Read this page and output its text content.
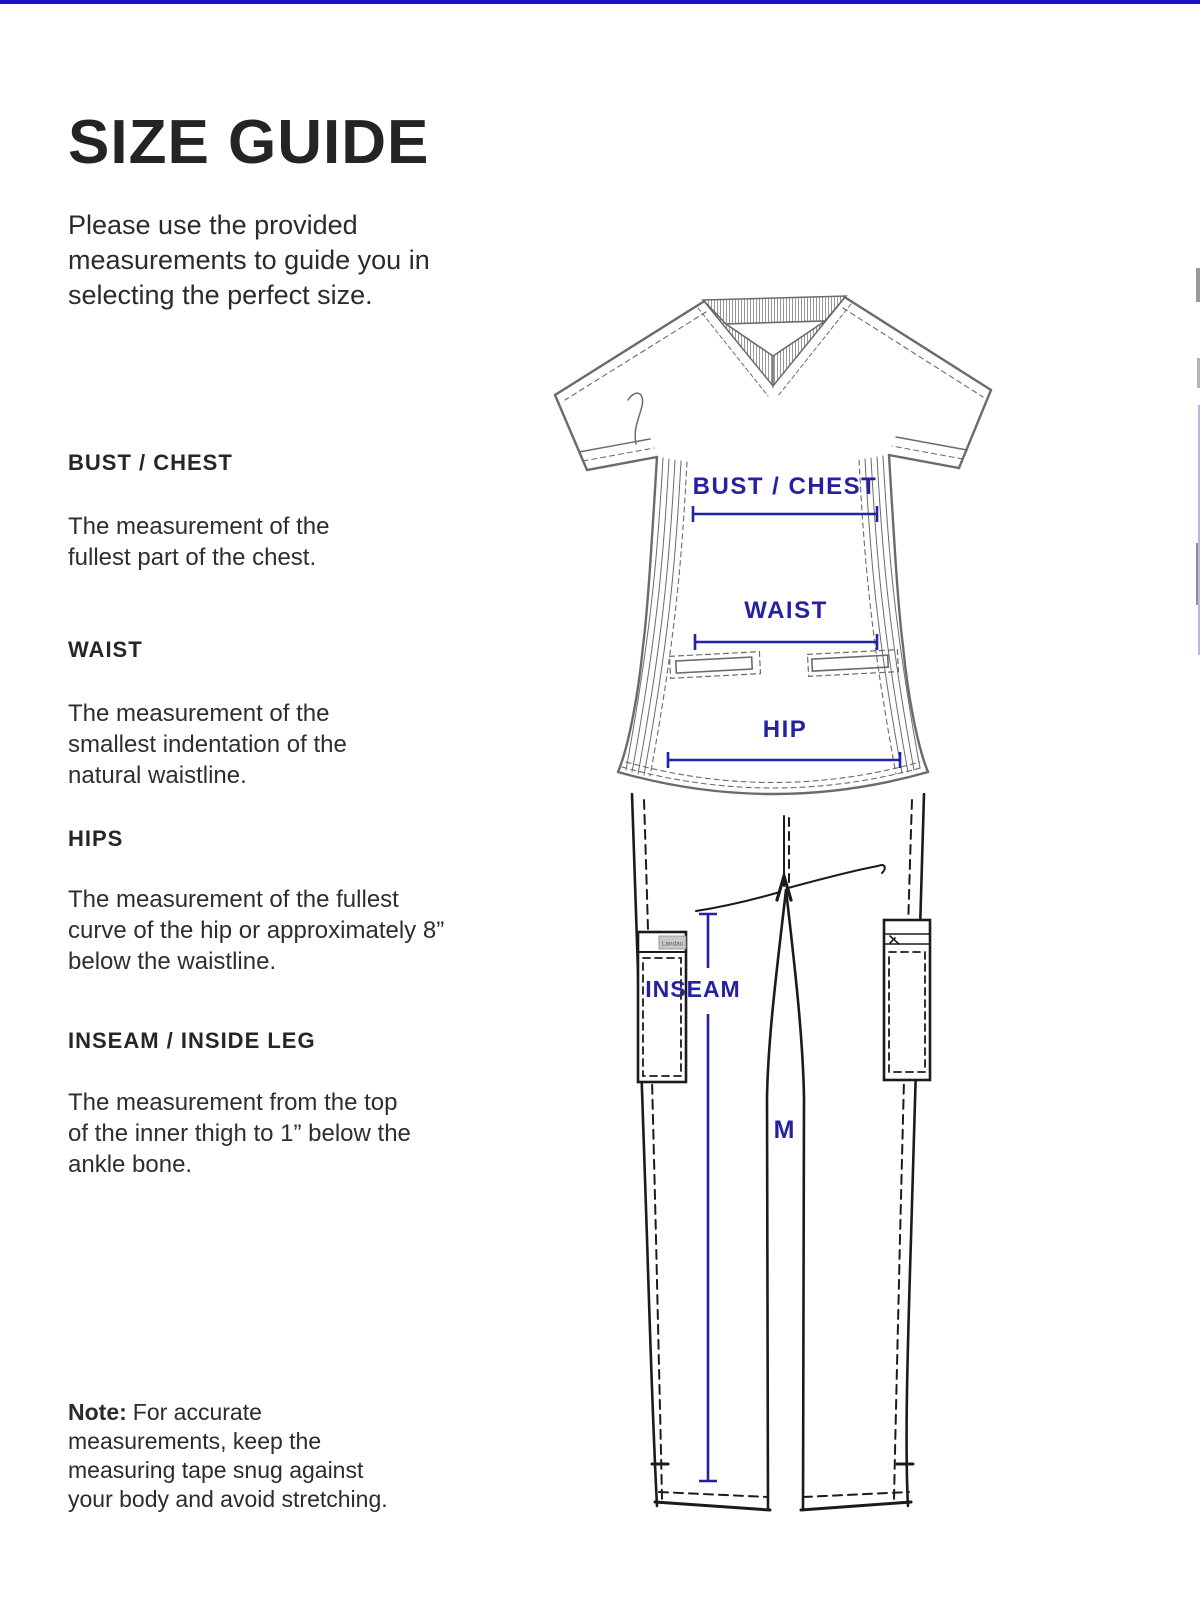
SIZE GUIDE

Please use the provided measurements to guide you in selecting the perfect size.

BUST / CHEST

The measurement of the fullest part of the chest.

WAIST

The measurement of the smallest indentation of the natural waistline.

HIPS

The measurement of the fullest curve of the hip or approximately 8” below the waistline.

INSEAM / INSIDE LEG

The measurement from the top of the inner thigh to 1” below the ankle bone.

Note: For accurate measurements, keep the measuring tape snug against your body and avoid stretching.

Landau
BUST / CHEST
WAIST
HIP
INSEAM
M
